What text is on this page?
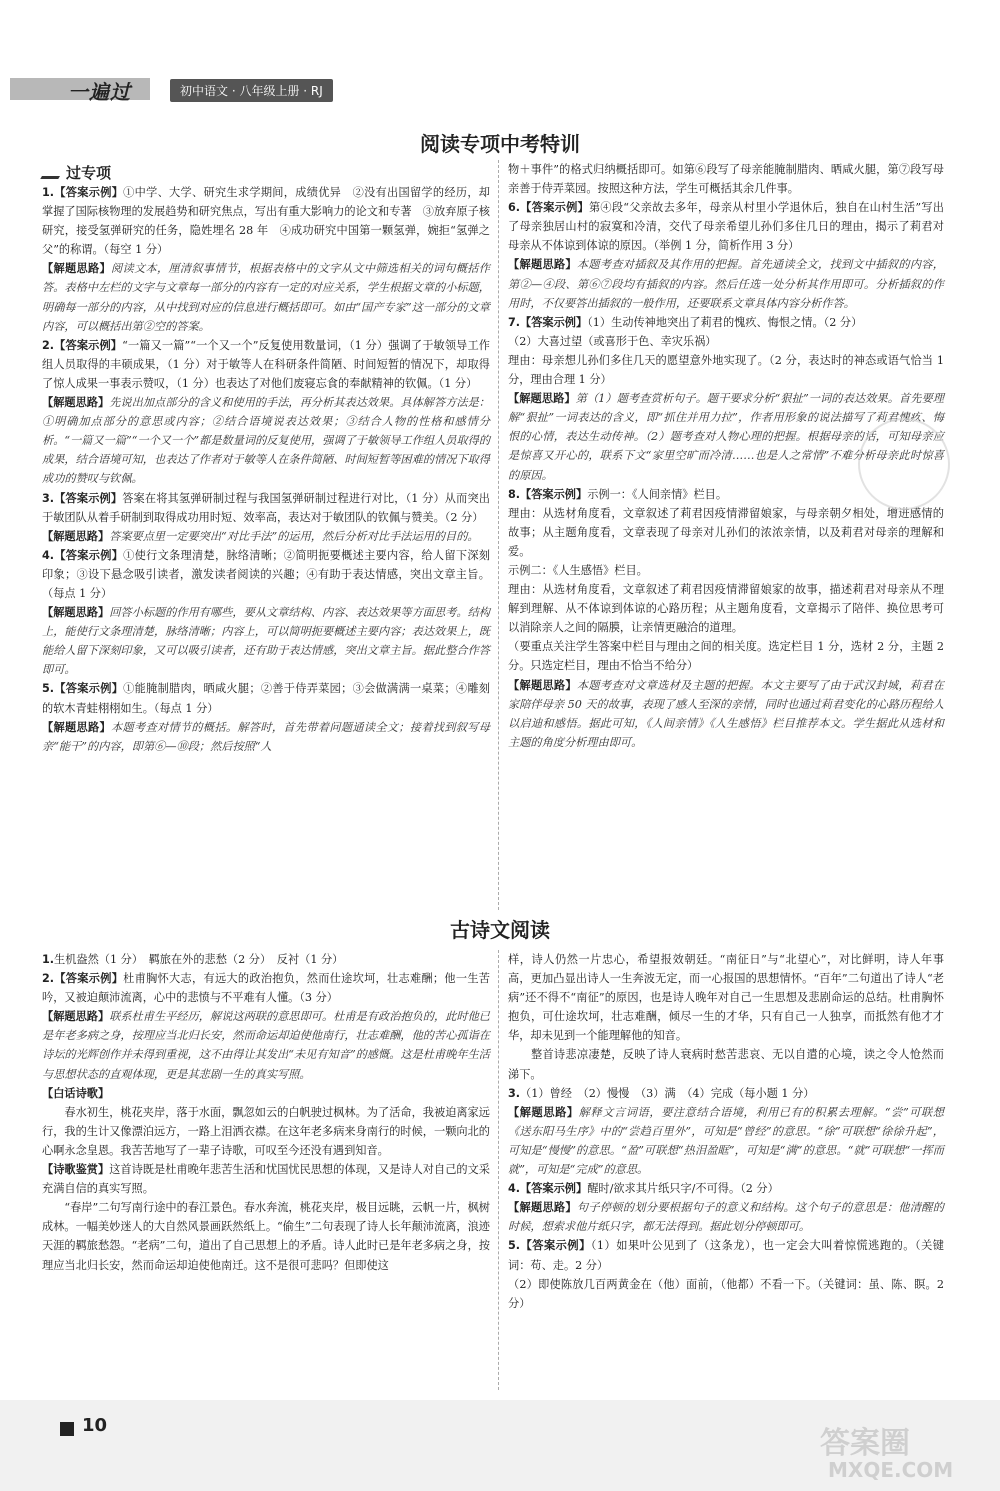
一遍过	初中语文 · 八年级上册 · RJ
阅读专项中考特训
过专项

1.【答案示例】①中学、大学、研究生求学期间，成绩优异　②没有出国留学的经历，却掌握了国际核物理的发展趋势和研究焦点，写出有重大影响力的论文和专著　③放弃原子核研究，接受氢弹研究的任务，隐姓埋名 28 年　④成功研究中国第一颗氢弹，婉拒“氢弹之父”的称谓。（每空 1 分）

【解题思路】阅读文本，厘清叙事情节，根据表格中的文字从文中筛选相关的词句概括作答。表格中左栏的文字与文章每一部分的内容有一定的对应关系，学生根据文章的小标题，明确每一部分的内容，从中找到对应的信息进行概括即可。如由“国产专家”这一部分的文章内容，可以概括出第②空的答案。

2.【答案示例】“一篇又一篇”“一个又一个”反复使用数量词，（1 分）强调了于敏领导工作组人员取得的丰硕成果，（1 分）对于敏等人在科研条件简陋、时间短暂的情况下，却取得了惊人成果一事表示赞叹，（1 分）也表达了对他们废寝忘食的奉献精神的钦佩。（1 分）

【解题思路】先说出加点部分的含义和使用的手法，再分析其表达效果。具体解答方法是：①明确加点部分的意思或内容；②结合语境说表达效果；③结合人物的性格和感情分析。“一篇又一篇”“一个又一个”都是数量词的反复使用，强调了于敏领导工作组人员取得的成果，结合语境可知，也表达了作者对于敏等人在条件简陋、时间短暂等困难的情况下取得成功的赞叹与钦佩。

3.【答案示例】答案在将其氢弹研制过程与我国氢弹研制过程进行对比，（1 分）从而突出于敏团队从着手研制到取得成功用时短、效率高，表达对于敏团队的钦佩与赞美。（2 分）

【解题思路】答案要点里一定要突出“对比手法”的运用，然后分析对比手法运用的目的。

4.【答案示例】①使行文条理清楚，脉络清晰；②简明扼要概述主要内容，给人留下深刻印象；③设下悬念吸引读者，激发读者阅读的兴趣；④有助于表达情感，突出文章主旨。（每点 1 分）

【解题思路】回答小标题的作用有哪些，要从文章结构、内容、表达效果等方面思考。结构上，能使行文条理清楚，脉络清晰；内容上，可以简明扼要概述主要内容；表达效果上，既能给人留下深刻印象，又可以吸引读者，还有助于表达情感，突出文章主旨。据此整合作答即可。

5.【答案示例】①能腌制腊肉，晒咸火腿；②善于侍弄菜园；③会做满满一桌菜；④雕刻的软木青蛙栩栩如生。（每点 1 分）

【解题思路】本题考查对情节的概括。解答时，首先带着问题通读全文；接着找到叙写母亲“能干”的内容，即第⑥—⑩段；然后按照“人

物＋事件”的格式归纳概括即可。如第⑥段写了母亲能腌制腊肉、晒咸火腿，第⑦段写母亲善于侍弄菜园。按照这种方法，学生可概括其余几件事。

6.【答案示例】第④段“父亲故去多年，母亲从村里小学退休后，独自在山村生活”写出了母亲独居山村的寂寞和冷清，交代了母亲希望儿孙们多住几日的理由，揭示了莉君对母亲从不体谅到体谅的原因。（举例 1 分，简析作用 3 分）

【解题思路】本题考查对插叙及其作用的把握。首先通读全文，找到文中插叙的内容，第②—④段、第⑥⑦段均有插叙的内容。然后任选一处分析其作用即可。分析插叙的作用时，不仅要答出插叙的一般作用，还要联系文章具体内容分析作答。

7.【答案示例】（1）生动传神地突出了莉君的愧疚、悔恨之情。（2 分）

（2）大喜过望（或喜形于色、幸灾乐祸）

理由：母亲想儿孙们多住几天的愿望意外地实现了。（2 分，表达时的神态或语气恰当 1 分，理由合理 1 分）

【解题思路】第（1）题考查赏析句子。题干要求分析“狠扯”一词的表达效果。首先要理解“狠扯”一词表达的含义，即“抓住并用力拉”，作者用形象的说法描写了莉君愧疚、悔恨的心情，表达生动传神。（2）题考查对人物心理的把握。根据母亲的话，可知母亲应是惊喜又开心的，联系下文“家里空旷而冷清……也是人之常情”不难分析母亲此时惊喜的原因。

8.【答案示例】示例一：《人间亲情》栏目。

理由：从选材角度看，文章叙述了莉君因疫情滞留娘家，与母亲朝夕相处，增进感情的故事；从主题角度看，文章表现了母亲对儿孙们的浓浓亲情，以及莉君对母亲的理解和爱。

示例二：《人生感悟》栏目。

理由：从选材角度看，文章叙述了莉君因疫情滞留娘家的故事，描述莉君对母亲从不理解到理解、从不体谅到体谅的心路历程；从主题角度看，文章揭示了陪伴、换位思考可以消除亲人之间的隔膜，让亲情更融洽的道理。

（要重点关注学生答案中栏目与理由之间的相关度。选定栏目 1 分，选材 2 分，主题 2 分。只选定栏目，理由不恰当不给分）

【解题思路】本题考查对文章选材及主题的把握。本文主要写了由于武汉封城，莉君在家陪伴母亲 50 天的故事，表现了感人至深的亲情，同时也通过莉君变化的心路历程给人以启迪和感悟。据此可知，《人间亲情》《人生感悟》栏目推荐本文。学生据此从选材和主题的角度分析理由即可。

古诗文阅读

1.生机盎然（1 分）　羁旅在外的悲愁（2 分）　反衬（1 分）

2.【答案示例】杜甫胸怀大志，有远大的政治抱负，然而仕途坎坷，壮志难酬；他一生苦吟，又被迫颠沛流离，心中的悲愤与不平难有人懂。（3 分）

【解题思路】联系杜甫生平经历，解说这两联的意思即可。杜甫是有政治抱负的，此时他已是年老多病之身，按理应当北归长安，然而命运却迫使他南行，壮志难酬，他的苦心孤诣在诗坛的光辉创作并未得到重视，这不由得让其发出“未见有知音”的感慨。这是杜甫晚年生活与思想状态的直观体现，更是其悲剧一生的真实写照。

【白话诗歌】

　　春水初生，桃花夹岸，落于水面，飘忽如云的白帆驶过枫林。为了活命，我被迫离家远行，我的生计又像漂泊远方，一路上泪洒衣襟。在这年老多病来身南行的时候，一颗向北的心啊永念皇恩。我苦苦地写了一辈子诗歌，可叹至今还没有遇到知音。

【诗歌鉴赏】这首诗既是杜甫晚年悲苦生活和忧国忧民思想的体现，又是诗人对自己的文采充满自信的真实写照。

　　“春岸”二句写南行途中的春江景色。春水奔流，桃花夹岸，极目远眺，云帆一片，枫树成林。一幅美妙迷人的大自然风景画跃然纸上。“偷生”二句表现了诗人长年颠沛流离，浪迹天涯的羁旅愁怨。“老病”二句，道出了自己思想上的矛盾。诗人此时已是年老多病之身，按理应当北归长安，然而命运却迫使他南迁。这不是很可悲吗？但即使这

样，诗人仍然一片忠心，希望报效朝廷。“南征日”与“北望心”，对比鲜明，诗人年事高，更加凸显出诗人一生奔波无定，而一心报国的思想情怀。“百年”二句道出了诗人“老病”还不得不“南征”的原因，也是诗人晚年对自己一生思想及悲剧命运的总结。杜甫胸怀抱负，可仕途坎坷，壮志难酬，倾尽一生的才华，只有自己一人独享，而抵然有他才才华，却未见到一个能理解他的知音。

　　整首诗悲凉凄楚，反映了诗人衰病时愁苦悲哀、无以自遣的心境，读之令人怆然而涕下。

3.（1）曾经　（2）慢慢　（3）满　（4）完成（每小题 1 分）

【解题思路】解释文言词语，要注意结合语境，利用已有的积累去理解。“尝”可联想《送东阳马生序》中的“尝趋百里外”，可知是“曾经”的意思。“徐”可联想“徐徐升起”，可知是“慢慢”的意思。“盈”可联想“热泪盈眶”，可知是“满”的意思。“就”可联想“一挥而就”，可知是“完成”的意思。

4.【答案示例】醒时/欲求其片纸只字/不可得。（2 分）

【解题思路】句子停顿的划分要根据句子的意义和结构。这个句子的意思是：他清醒的时候，想索求他片纸只字，都无法得到。据此划分停顿即可。

5.【答案示例】（1）如果叶公见到了（这条龙），也一定会大叫着惊慌逃跑的。（关键词：苟、走。2 分）

（2）即使陈放几百两黄金在（他）面前，（他都）不看一下。（关键词：虽、陈、瞑。2 分）

10
答案圈
MXQE.COM
